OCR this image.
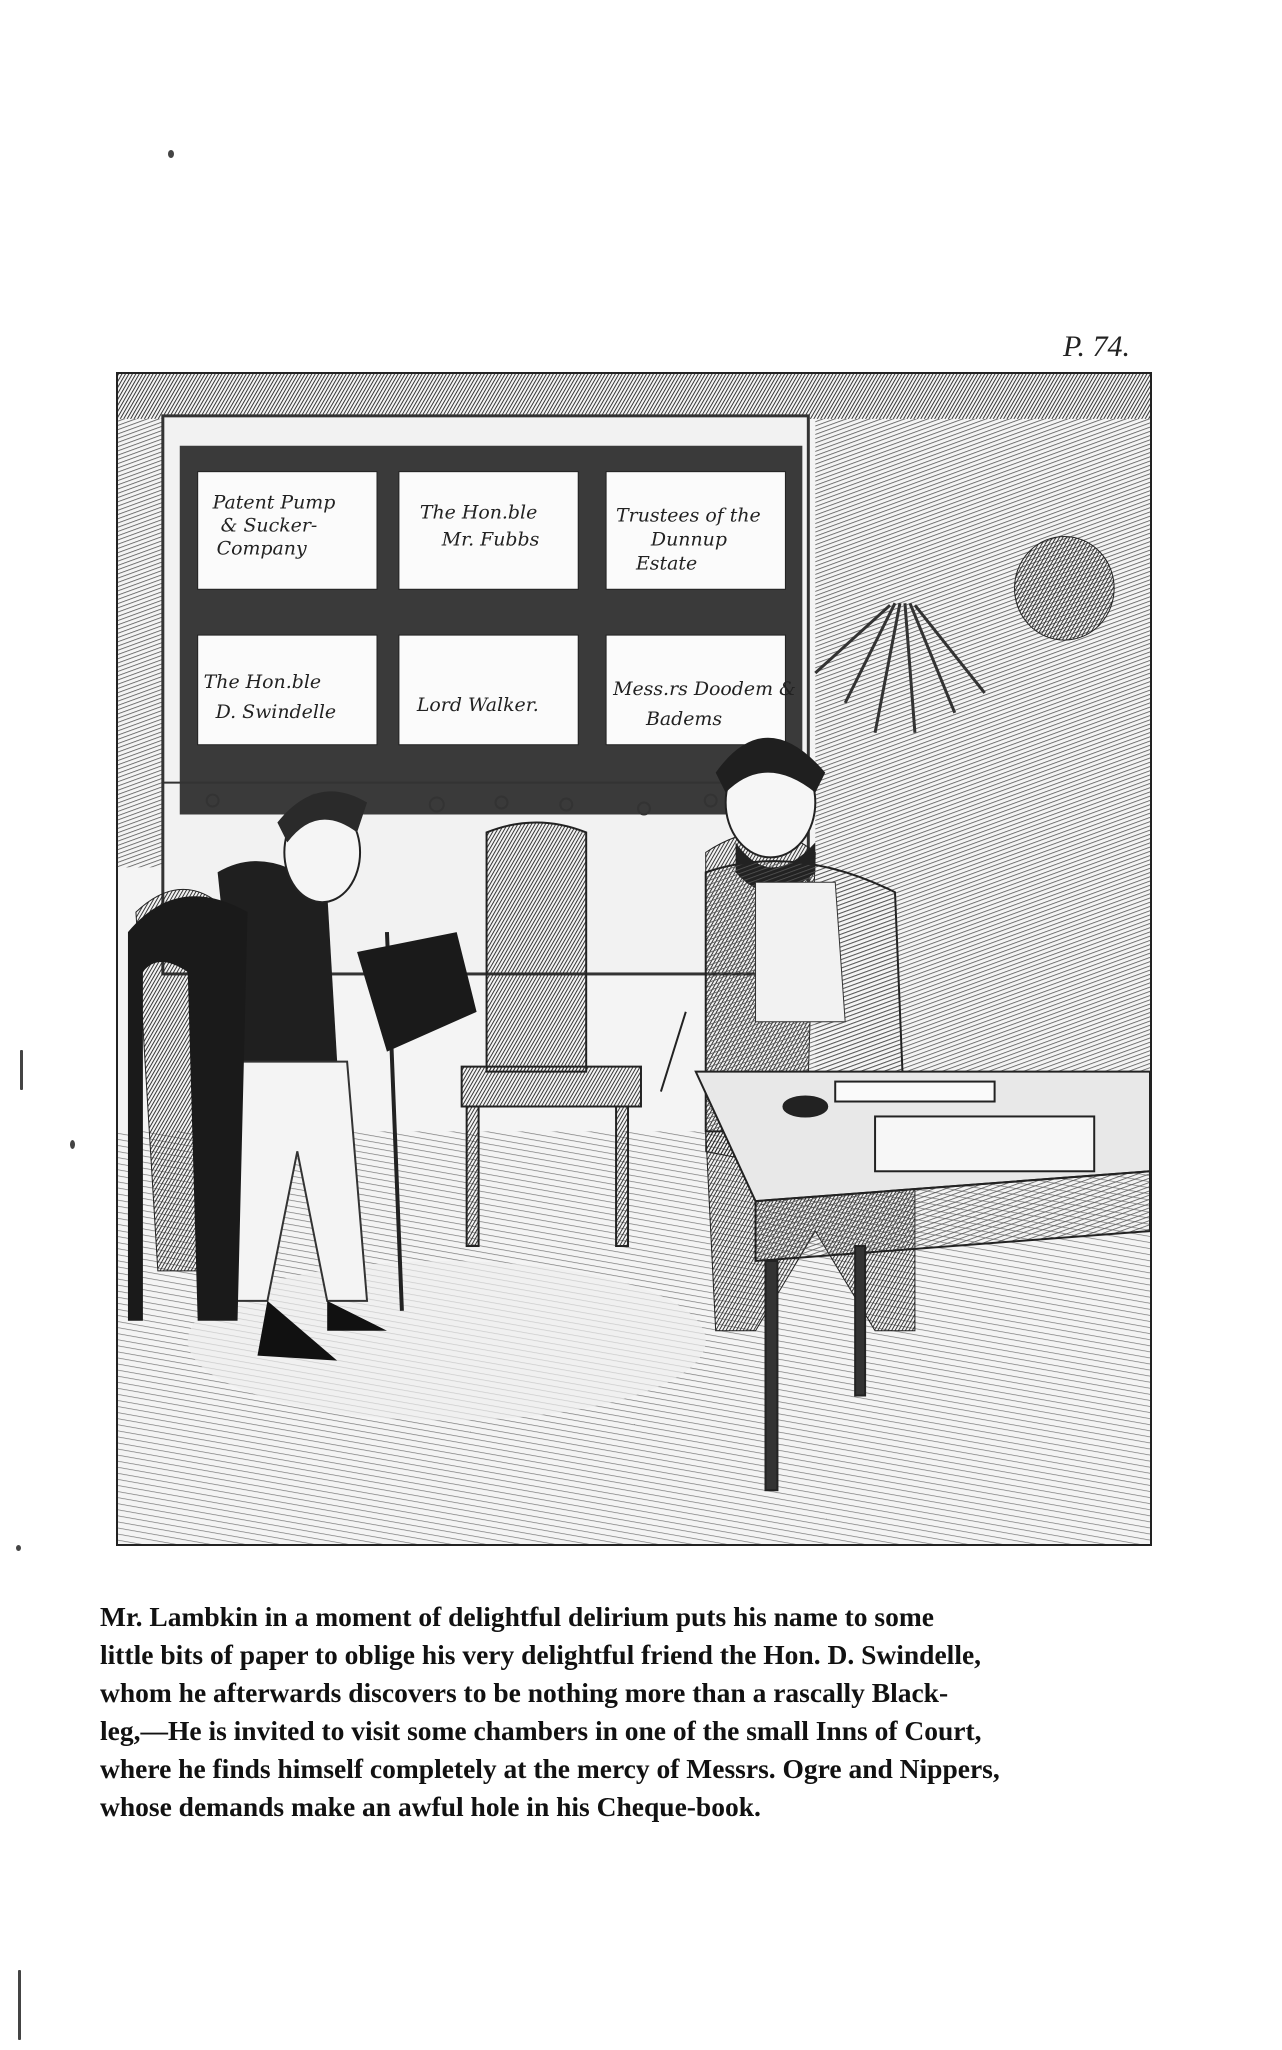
P. 74.
Patent Pump
& Sucker-
Company
The Hon.ble
Mr. Fubbs
Trustees of the
Dunnup
Estate
The Hon.ble
D. Swindelle	Lord Walker.
Mess.rs Doodem &
Badems

Mr. Lambkin in a moment of delightful delirium puts his name to some

little bits of paper to oblige his very delightful friend the Hon. D. Swindelle,

whom he afterwards discovers to be nothing more than a rascally Black-

leg,—He is invited to visit some chambers in one of the small Inns of Court,

where he finds himself completely at the mercy of Messrs. Ogre and Nippers,

whose demands make an awful hole in his Cheque-book.
